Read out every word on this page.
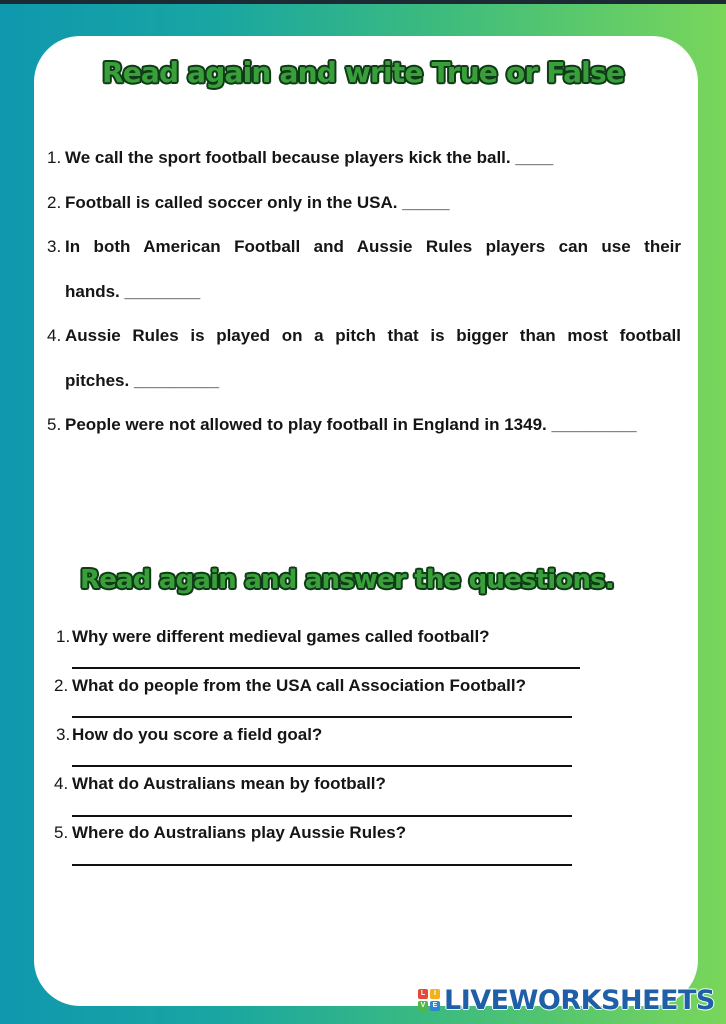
Read again and write True or False
1. We call the sport football because players kick the ball. ____
2. Football is called soccer only in the USA. _____
3. In both American Football and Aussie Rules players can use their
hands. ________
4. Aussie Rules is played on a pitch that is bigger than most football
pitches. _________
5. People were not allowed to play football in England in 1349. _________
Read again and answer the questions.
1. Why were different medieval games called football?
2. What do people from the USA call Association Football?
3. How do you score a field goal?
4. What do Australians mean by football?
5. Where do Australians play Aussie Rules?
L	I
V	E LIVEWORKSHEETS
